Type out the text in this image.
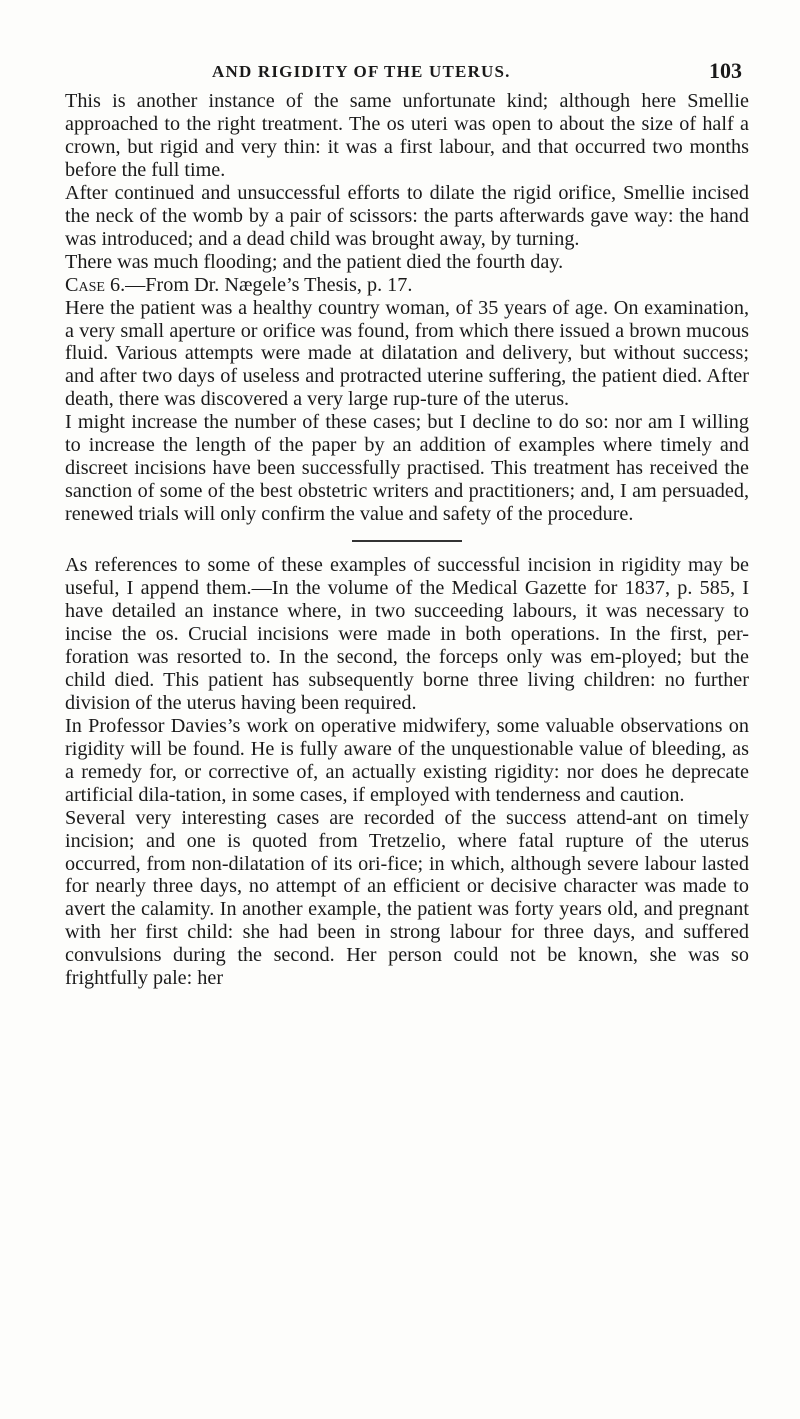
AND RIGIDITY OF THE UTERUS.	103

This is another instance of the same unfortunate kind; although here Smellie approached to the right treatment. The os uteri was open to about the size of half a crown, but rigid and very thin: it was a first labour, and that occurred two months before the full time.

After continued and unsuccessful efforts to dilate the rigid orifice, Smellie incised the neck of the womb by a pair of scissors: the parts afterwards gave way: the hand was introduced; and a dead child was brought away, by turning.

There was much flooding; and the patient died the fourth day.

Case 6.—From Dr. Nægele’s Thesis, p. 17.

Here the patient was a healthy country woman, of 35 years of age. On examination, a very small aperture or orifice was found, from which there issued a brown mucous fluid. Various attempts were made at dilatation and delivery, but without success; and after two days of useless and protracted uterine suffering, the patient died. After death, there was discovered a very large rup-ture of the uterus.

I might increase the number of these cases; but I decline to do so: nor am I willing to increase the length of the paper by an addition of examples where timely and discreet incisions have been successfully practised. This treatment has received the sanction of some of the best obstetric writers and practitioners; and, I am persuaded, renewed trials will only confirm the value and safety of the procedure.

As references to some of these examples of successful incision in rigidity may be useful, I append them.—In the volume of the Medical Gazette for 1837, p. 585, I have detailed an instance where, in two succeeding labours, it was necessary to incise the os. Crucial incisions were made in both operations. In the first, per-foration was resorted to. In the second, the forceps only was em-ployed; but the child died. This patient has subsequently borne three living children: no further division of the uterus having been required.

In Professor Davies’s work on operative midwifery, some valuable observations on rigidity will be found. He is fully aware of the unquestionable value of bleeding, as a remedy for, or corrective of, an actually existing rigidity: nor does he deprecate artificial dila-tation, in some cases, if employed with tenderness and caution.

Several very interesting cases are recorded of the success attend-ant on timely incision; and one is quoted from Tretzelio, where fatal rupture of the uterus occurred, from non-dilatation of its ori-fice; in which, although severe labour lasted for nearly three days, no attempt of an efficient or decisive character was made to avert the calamity. In another example, the patient was forty years old, and pregnant with her first child: she had been in strong labour for three days, and suffered convulsions during the second. Her person could not be known, she was so frightfully pale: her
